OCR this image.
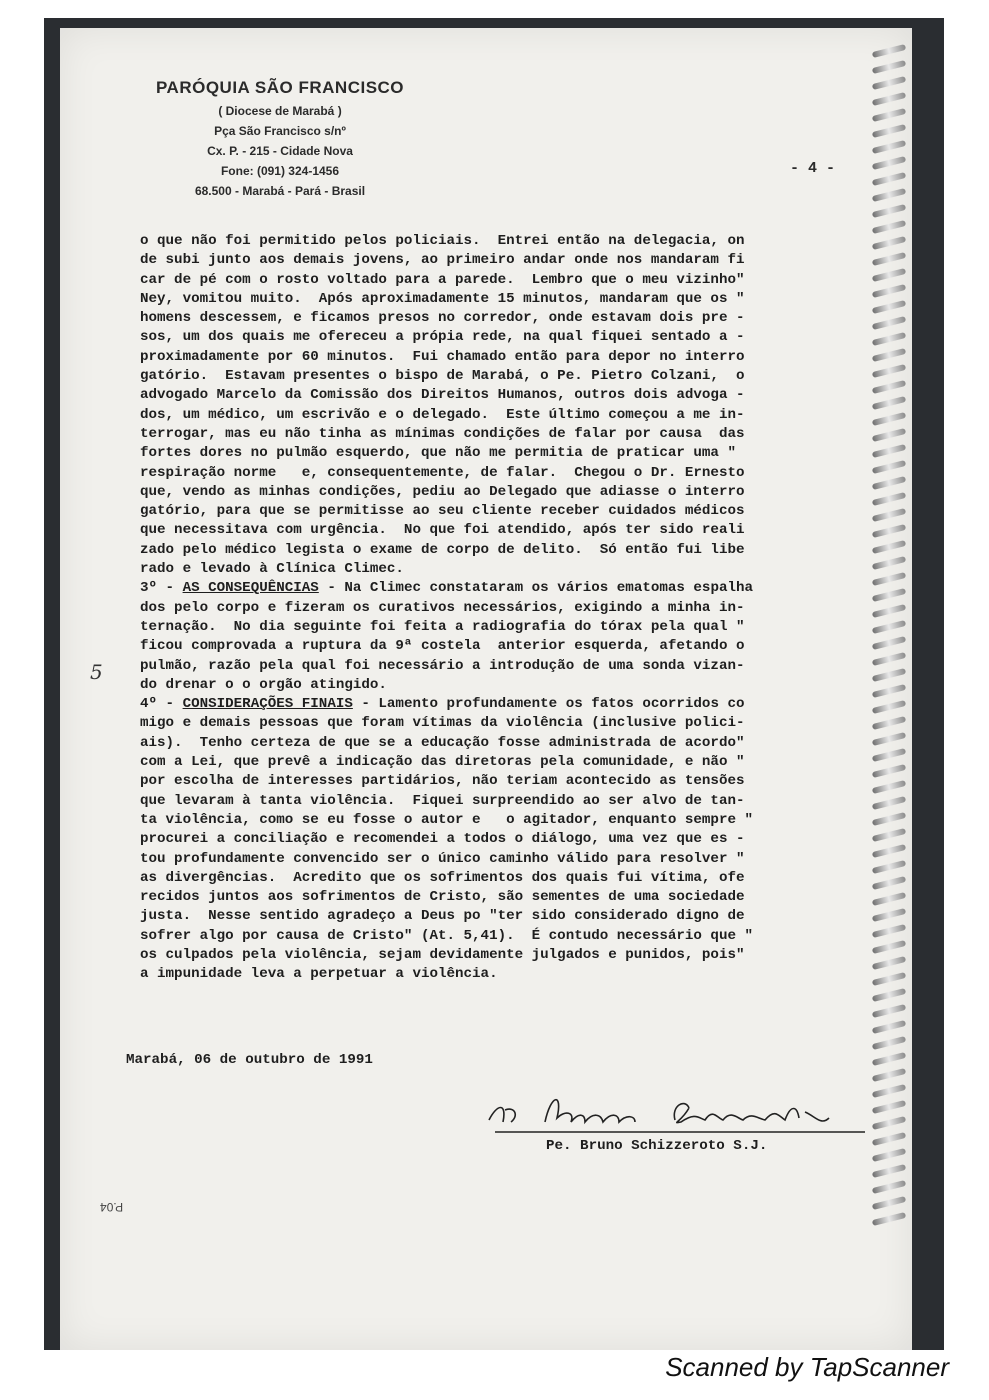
PARÓQUIA SÃO FRANCISCO
( Diocese de Marabá )
Pça São Francisco s/nº
Cx. P. - 215 - Cidade Nova
Fone: (091) 324-1456
68.500 - Marabá - Pará - Brasil
- 4 -
o que não foi permitido pelos policiais.  Entrei então na delegacia, on
de subi junto aos demais jovens, ao primeiro andar onde nos mandaram fi
car de pé com o rosto voltado para a parede.  Lembro que o meu vizinho"
Ney, vomitou muito.  Após aproximadamente 15 minutos, mandaram que os "
homens descessem, e ficamos presos no corredor, onde estavam dois pre -
sos, um dos quais me ofereceu a própia rede, na qual fiquei sentado a -
proximadamente por 60 minutos.  Fui chamado então para depor no interro
gatório.  Estavam presentes o bispo de Marabá, o Pe. Pietro Colzani,  o
advogado Marcelo da Comissão dos Direitos Humanos, outros dois advoga -
dos, um médico, um escrivão e o delegado.  Este último começou a me in-
terrogar, mas eu não tinha as mínimas condições de falar por causa  das
fortes dores no pulmão esquerdo, que não me permitia de praticar uma "
respiração norme   e, consequentemente, de falar.  Chegou o Dr. Ernesto
que, vendo as minhas condições, pediu ao Delegado que adiasse o interro
gatório, para que se permitisse ao seu cliente receber cuidados médicos
que necessitava com urgência.  No que foi atendido, após ter sido reali
zado pelo médico legista o exame de corpo de delito.  Só então fui libe
rado e levado à Clínica Climec.
3º - AS CONSEQUÊNCIAS - Na Climec constataram os vários ematomas espalha
dos pelo corpo e fizeram os curativos necessários, exigindo a minha in-
ternação.  No dia seguinte foi feita a radiografia do tórax pela qual "
ficou comprovada a ruptura da 9ª costela  anterior esquerda, afetando o
pulmão, razão pela qual foi necessário a introdução de uma sonda vizan-
do drenar o o orgão atingido.
4º - CONSIDERAÇÕES FINAIS - Lamento profundamente os fatos ocorridos co
migo e demais pessoas que foram vítimas da violência (inclusive polici-
ais).  Tenho certeza de que se a educação fosse administrada de acordo"
com a Lei, que prevê a indicação das diretoras pela comunidade, e não "
por escolha de interesses partidários, não teriam acontecido as tensões
que levaram à tanta violência.  Fiquei surpreendido ao ser alvo de tan-
ta violência, como se eu fosse o autor e   o agitador, enquanto sempre "
procurei a conciliação e recomendei a todos o diálogo, uma vez que es -
tou profundamente convencido ser o único caminho válido para resolver "
as divergências.  Acredito que os sofrimentos dos quais fui vítima, ofe
recidos juntos aos sofrimentos de Cristo, são sementes de uma sociedade
justa.  Nesse sentido agradeço a Deus po "ter sido considerado digno de
sofrer algo por causa de Cristo" (At. 5,41).  É contudo necessário que "
os culpados pela violência, sejam devidamente julgados e punidos, pois"
a impunidade leva a perpetuar a violência.
5
Marabá, 06 de outubro de 1991
Pe. Bruno Schizzeroto S.J.
P.04
Scanned by TapScanner
